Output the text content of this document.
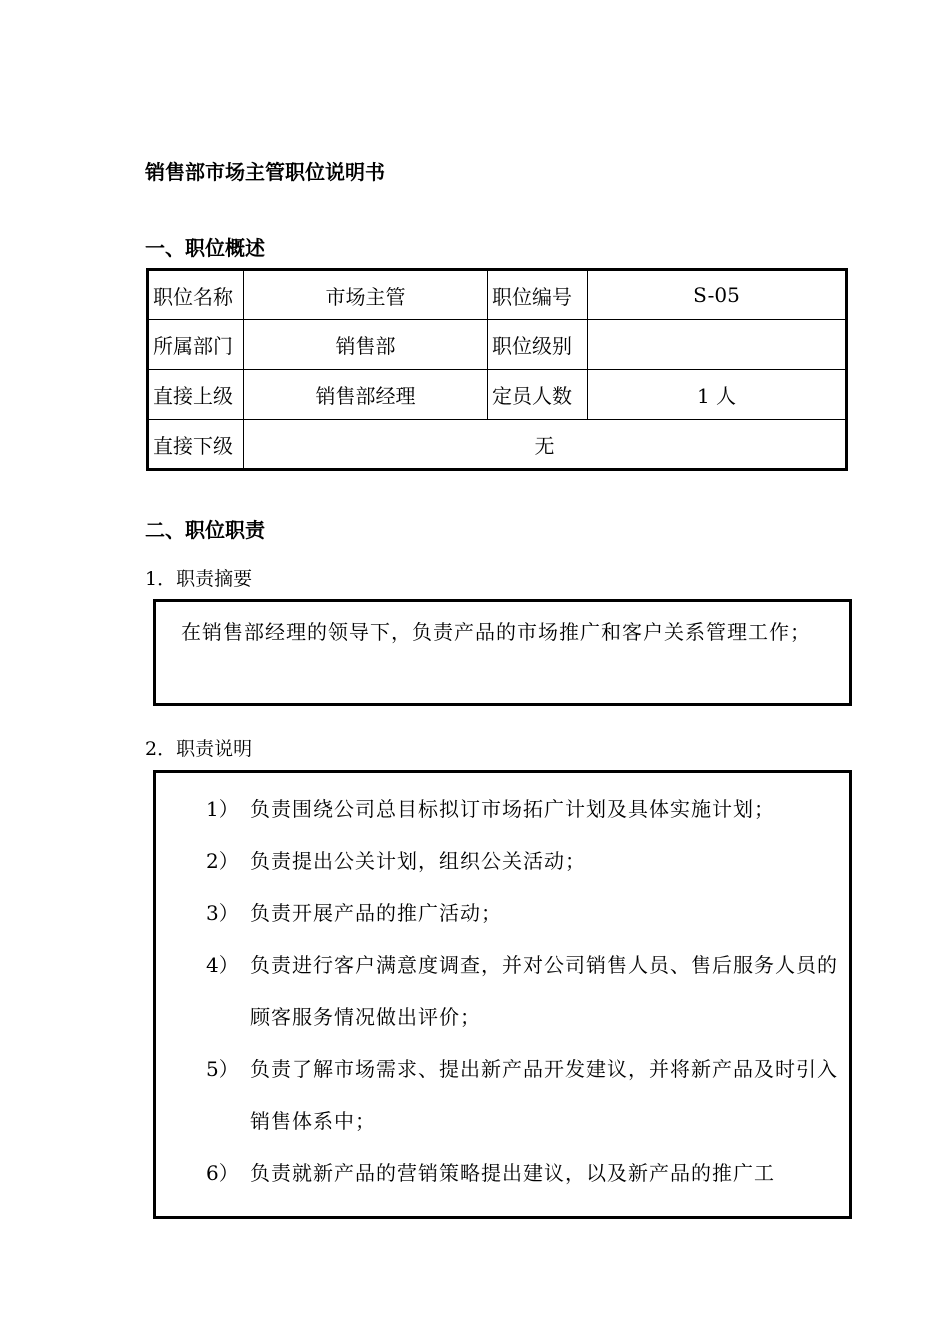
销售部市场主管职位说明书
一、职位概述
职位名称	市场主管	职位编号	S-05
所属部门	销售部	职位级别	
直接上级	销售部经理	定员人数	1 人
直接下级	无		
二、职位职责
1．职责摘要
在销售部经理的领导下，负责产品的市场推广和客户关系管理工作；
2．职责说明
1） 负责围绕公司总目标拟订市场拓广计划及具体实施计划；
2） 负责提出公关计划，组织公关活动；
3） 负责开展产品的推广活动；
4） 负责进行客户满意度调查，并对公司销售人员、售后服务人员的顾客服务情况做出评价；
5） 负责了解市场需求、提出新产品开发建议，并将新产品及时引入销售体系中；
6） 负责就新产品的营销策略提出建议，以及新产品的推广工
